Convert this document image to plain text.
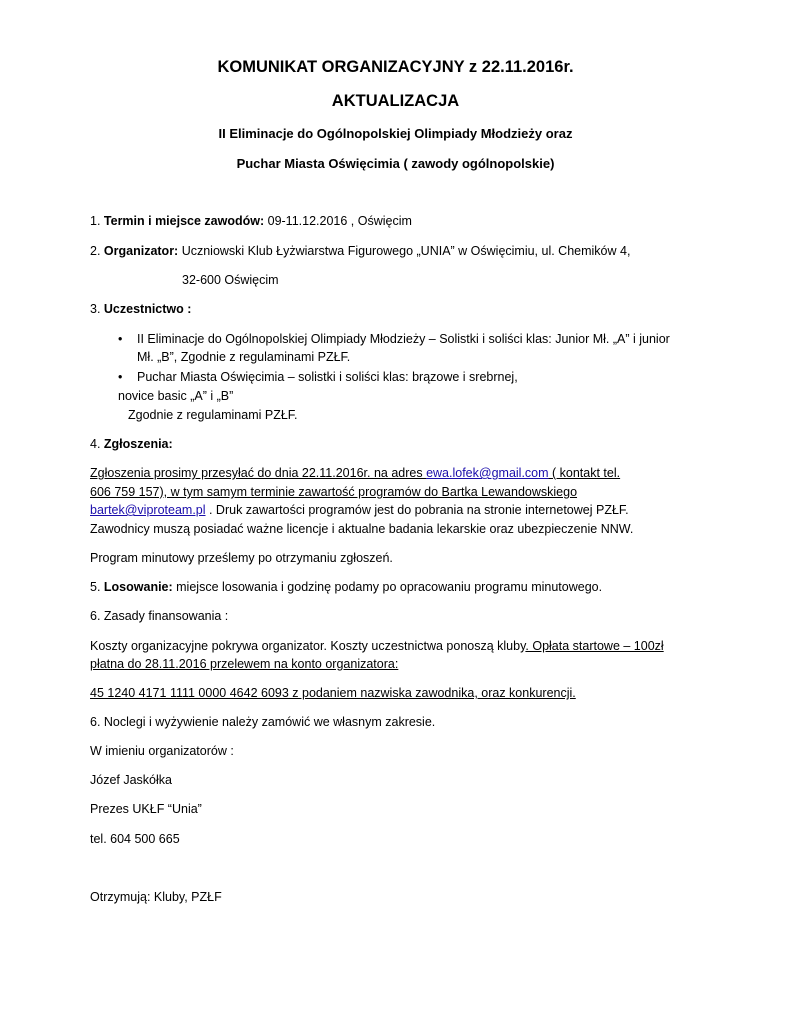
KOMUNIKAT ORGANIZACYJNY z 22.11.2016r.
AKTUALIZACJA
II Eliminacje do Ogólnopolskiej Olimpiady Młodzieży oraz
Puchar Miasta Oświęcimia ( zawody ogólnopolskie)
1. Termin i miejsce zawodów: 09-11.12.2016 , Oświęcim
2. Organizator: Uczniowski Klub Łyżwiarstwa Figurowego „UNIA” w Oświęcimiu, ul. Chemików 4,
32-600 Oświęcim
3. Uczestnictwo :
• II Eliminacje do Ogólnopolskiej Olimpiady Młodzieży – Solistki i soliści klas: Junior Mł. „A” i junior
Mł. „B”, Zgodnie z regulaminami PZŁF.
• Puchar Miasta Oświęcimia – solistki i soliści klas: brązowe i srebrnej,
novice basic „A” i „B”
Zgodnie z regulaminami PZŁF.
4. Zgłoszenia:
Zgłoszenia prosimy przesyłać do dnia 22.11.2016r. na adres ewa.lofek@gmail.com ( kontakt tel.
606 759 157), w tym samym terminie zawartość programów do Bartka Lewandowskiego
bartek@viproteam.pl . Druk zawartości programów jest do pobrania na stronie internetowej PZŁF.
Zawodnicy muszą posiadać ważne licencje i aktualne badania lekarskie oraz ubezpieczenie NNW.
Program minutowy prześlemy po otrzymaniu zgłoszeń.
5. Losowanie: miejsce losowania i godzinę podamy po opracowaniu programu minutowego.
6. Zasady finansowania :
Koszty organizacyjne pokrywa organizator. Koszty uczestnictwa ponoszą kluby. Opłata startowe – 100zł
płatna do 28.11.2016 przelewem na konto organizatora:
45 1240 4171 1111 0000 4642 6093 z podaniem nazwiska zawodnika, oraz konkurencji.
6. Noclegi i wyżywienie należy zamówić we własnym zakresie.
W imieniu organizatorów :
Józef Jaskółka
Prezes UKŁF “Unia”
tel. 604 500 665
Otrzymują: Kluby, PZŁF
